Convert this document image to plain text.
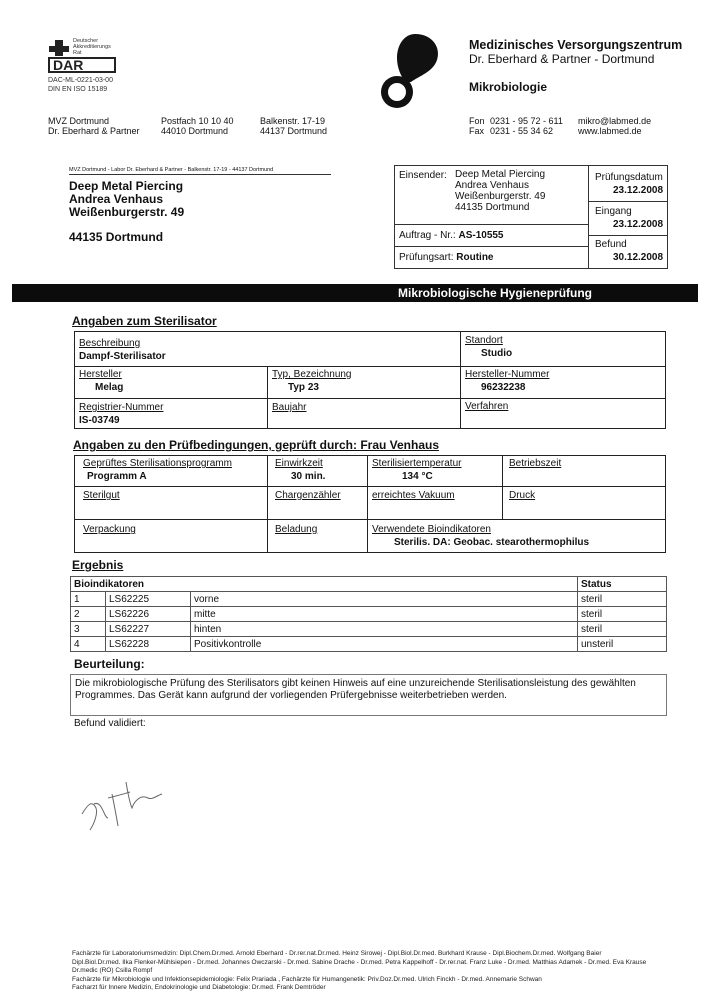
DAR
Deutscher
Akkreditierungs
Rat
DAC-ML-0221-03-00
DIN EN ISO 15189
Medizinisches Versorgungszentrum
Dr. Eberhard & Partner - Dortmund
Mikrobiologie
MVZ Dortmund
Dr. Eberhard & Partner
Postfach 10 10 40
44010 Dortmund
Balkenstr. 17-19
44137 Dortmund
Fon
Fax
0231 - 95 72 - 611
0231 - 55 34 62
mikro@labmed.de
www.labmed.de
MVZ Dortmund - Labor Dr. Eberhard & Partner - Balkenstr. 17-19 - 44137 Dortmund
Deep Metal Piercing
Andrea Venhaus
Weißenburgerstr. 49
44135 Dortmund
Einsender: Deep Metal Piercing
Andrea Venhaus
Weißenburgerstr. 49
44135 Dortmund
Auftrag - Nr.: AS-10555
Prüfungsart: Routine
Prüfungsdatum
23.12.2008
Eingang
23.12.2008
Befund
30.12.2008
Mikrobiologische Hygieneprüfung
Angaben zum Sterilisator
Beschreibung
Dampf-Sterilisator
Standort
Studio
Hersteller
Melag
Typ, Bezeichnung
Typ 23
Hersteller-Nummer
96232238
Registrier-Nummer
IS-03749
Baujahr	Verfahren
Angaben zu den Prüfbedingungen, geprüft durch: Frau Venhaus
Geprüftes Sterilisationsprogramm
Programm A
Einwirkzeit
30 min.
Sterilisiertemperatur
134 °C
Betriebszeit
Sterilgut	Chargenzähler	erreichtes Vakuum	Druck
Verpackung	Beladung	Verwendete Bioindikatoren
Sterilis. DA: Geobac. stearothermophilus
Ergebnis
Bioindikatoren			Status
1	LS62225	vorne	steril
2	LS62226	mitte	steril
3	LS62227	hinten	steril
4	LS62228	Positivkontrolle	unsteril
Beurteilung:
Die mikrobiologische Prüfung des Sterilisators gibt keinen Hinweis auf eine unzureichende Sterilisationsleistung des gewählten
Programmes. Das Gerät kann aufgrund der vorliegenden Prüfergebnisse weiterbetrieben werden.
Befund validiert:
Fachärzte für Laboratoriumsmedizin: Dipl.Chem.Dr.med. Arnold Eberhard - Dr.rer.nat.Dr.med. Heinz Sirowej - Dipl.Biol.Dr.med. Burkhard Krause - Dipl.Biochem.Dr.med. Wolfgang Baier
Dipl.Biol.Dr.med. Ilka Flenker-Mühlsiepen - Dr.med. Johannes Owczarski - Dr.med. Sabine Drache - Dr.med. Petra Kappelhoff - Dr.rer.nat. Franz Luke - Dr.med. Matthias Adamek - Dr.med. Eva Krause
Dr.medic (RO) Csilla Rompf
Fachärzte für Mikrobiologie und Infektionsepidemiologie: Felix Prariada , Fachärzte für Humangenetik: Priv.Doz.Dr.med. Ulrich Finckh - Dr.med. Annemarie Schwan
Facharzt für Innere Medizin, Endokrinologie und Diabetologie: Dr.med. Frank Demtröder
